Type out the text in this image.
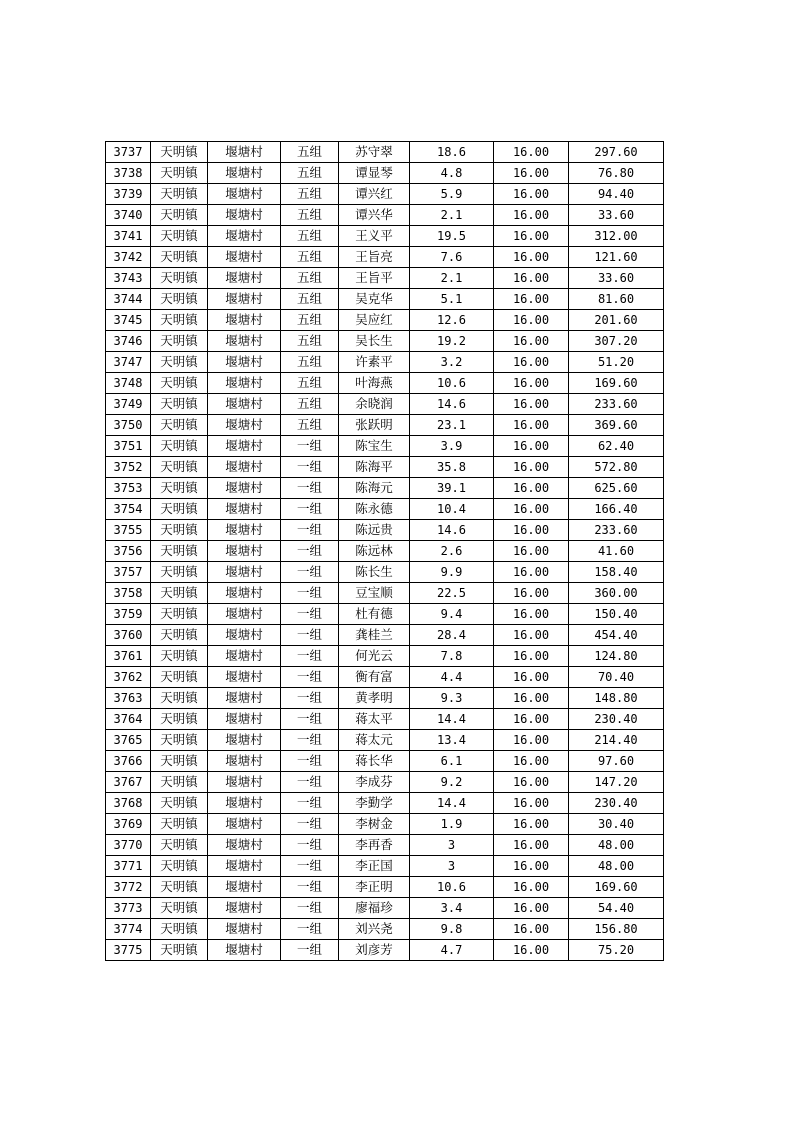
3737	天明镇	堰塘村	五组	苏守翠	18.6	16.00	297.60
3738	天明镇	堰塘村	五组	谭显琴	4.8	16.00	76.80
3739	天明镇	堰塘村	五组	谭兴红	5.9	16.00	94.40
3740	天明镇	堰塘村	五组	谭兴华	2.1	16.00	33.60
3741	天明镇	堰塘村	五组	王义平	19.5	16.00	312.00
3742	天明镇	堰塘村	五组	王旨亮	7.6	16.00	121.60
3743	天明镇	堰塘村	五组	王旨平	2.1	16.00	33.60
3744	天明镇	堰塘村	五组	吴克华	5.1	16.00	81.60
3745	天明镇	堰塘村	五组	吴应红	12.6	16.00	201.60
3746	天明镇	堰塘村	五组	吴长生	19.2	16.00	307.20
3747	天明镇	堰塘村	五组	许素平	3.2	16.00	51.20
3748	天明镇	堰塘村	五组	叶海燕	10.6	16.00	169.60
3749	天明镇	堰塘村	五组	余晓润	14.6	16.00	233.60
3750	天明镇	堰塘村	五组	张跃明	23.1	16.00	369.60
3751	天明镇	堰塘村	一组	陈宝生	3.9	16.00	62.40
3752	天明镇	堰塘村	一组	陈海平	35.8	16.00	572.80
3753	天明镇	堰塘村	一组	陈海元	39.1	16.00	625.60
3754	天明镇	堰塘村	一组	陈永德	10.4	16.00	166.40
3755	天明镇	堰塘村	一组	陈远贵	14.6	16.00	233.60
3756	天明镇	堰塘村	一组	陈远林	2.6	16.00	41.60
3757	天明镇	堰塘村	一组	陈长生	9.9	16.00	158.40
3758	天明镇	堰塘村	一组	豆宝顺	22.5	16.00	360.00
3759	天明镇	堰塘村	一组	杜有德	9.4	16.00	150.40
3760	天明镇	堰塘村	一组	龚桂兰	28.4	16.00	454.40
3761	天明镇	堰塘村	一组	何光云	7.8	16.00	124.80
3762	天明镇	堰塘村	一组	衡有富	4.4	16.00	70.40
3763	天明镇	堰塘村	一组	黄孝明	9.3	16.00	148.80
3764	天明镇	堰塘村	一组	蒋太平	14.4	16.00	230.40
3765	天明镇	堰塘村	一组	蒋太元	13.4	16.00	214.40
3766	天明镇	堰塘村	一组	蒋长华	6.1	16.00	97.60
3767	天明镇	堰塘村	一组	李成芬	9.2	16.00	147.20
3768	天明镇	堰塘村	一组	李勤学	14.4	16.00	230.40
3769	天明镇	堰塘村	一组	李树金	1.9	16.00	30.40
3770	天明镇	堰塘村	一组	李再香	3	16.00	48.00
3771	天明镇	堰塘村	一组	李正国	3	16.00	48.00
3772	天明镇	堰塘村	一组	李正明	10.6	16.00	169.60
3773	天明镇	堰塘村	一组	廖福珍	3.4	16.00	54.40
3774	天明镇	堰塘村	一组	刘兴尧	9.8	16.00	156.80
3775	天明镇	堰塘村	一组	刘彦芳	4.7	16.00	75.20
